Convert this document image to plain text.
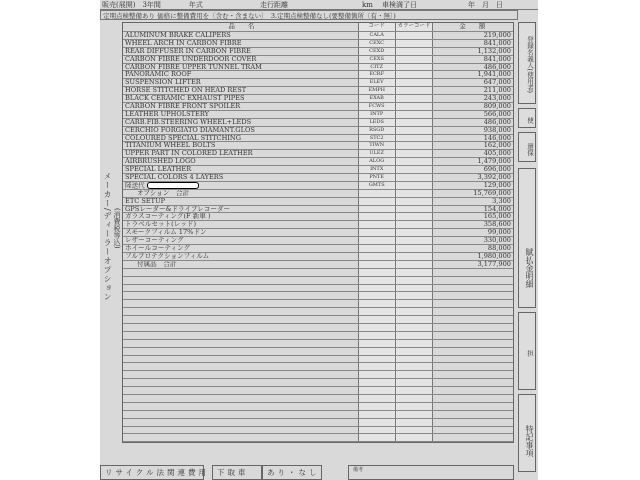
販売(展開)　3年間　　　　年式	走行距離	km 車検満了日	年　月　日
定期点検整備あり 価格に整備費用を〔含む・含まない〕　3.定期点検整備なし(要整備箇所〔有・無〕)
メーカー/ディーラーオプション (消費税等込)
品　　名	コード	カラーコード	金　　額
ALUMINUM BRAKE CALIPERS	CALA	219,000
WHEEL ARCH IN CARBON FIBRE	CEXC	841,000
REAR DIFFUSER IN CARBON FIBRE	CEXD	1,132,000
CARBON FIBRE UNDERDOOR COVER	CEXS	841,000
CARBON FIBRE UPPER TUNNEL TRAM	CITZ	486,000
PANORAMIC ROOF	ECRF	1,941,000
SUSPENSION LIFTER	ELEV	647,000
HORSE STITCHED ON HEAD REST	EMPH	211,000
BLACK CERAMIC EXHAUST PIPES	EXAB	243,000
CARBON FIBRE FRONT SPOILER	FCWS	809,000
LEATHER UPHOLSTERY	INTP	566,000
CARB.FIB.STEERING WHEEL+LEDS	LEDS	486,000
CERCHIO FORGIATO DIAMANT.GLOS	RSGD	938,000
COLOURED SPECIAL STITCHING	STC2	146,000
TITANIUM WHEEL BOLTS	TIWN	162,000
UPPER PART IN COLORED LEATHER	ULEZ	405,000
AIRBRUSHED LOGO	ALOG	1,479,000
SPECIAL LEATHER	INTX	696,000
SPECIAL COLORS 4 LAYERS	PNTE	3,392,000
陸送代	GMTS	129,000
オプション　合計	15,769,000
ETC SETUP	3,300
GPSレーダー&ドライブレコーダー	154,000
ガラスコーティング(F 新車 )	165,000
トラベルセット(レッド)	358,600
スモークフィルム 17%ドン	99,000
レザーコーティング	330,000
ホイールコーティング	88,000
フルプロテクションフィルム	1,980,000
付属品　合計	3,177,900
登録名義人(使用者)
使
還保
賦払金明細
担
特記事項
リサイクル法関連費用	下取車	あり・なし	備考
